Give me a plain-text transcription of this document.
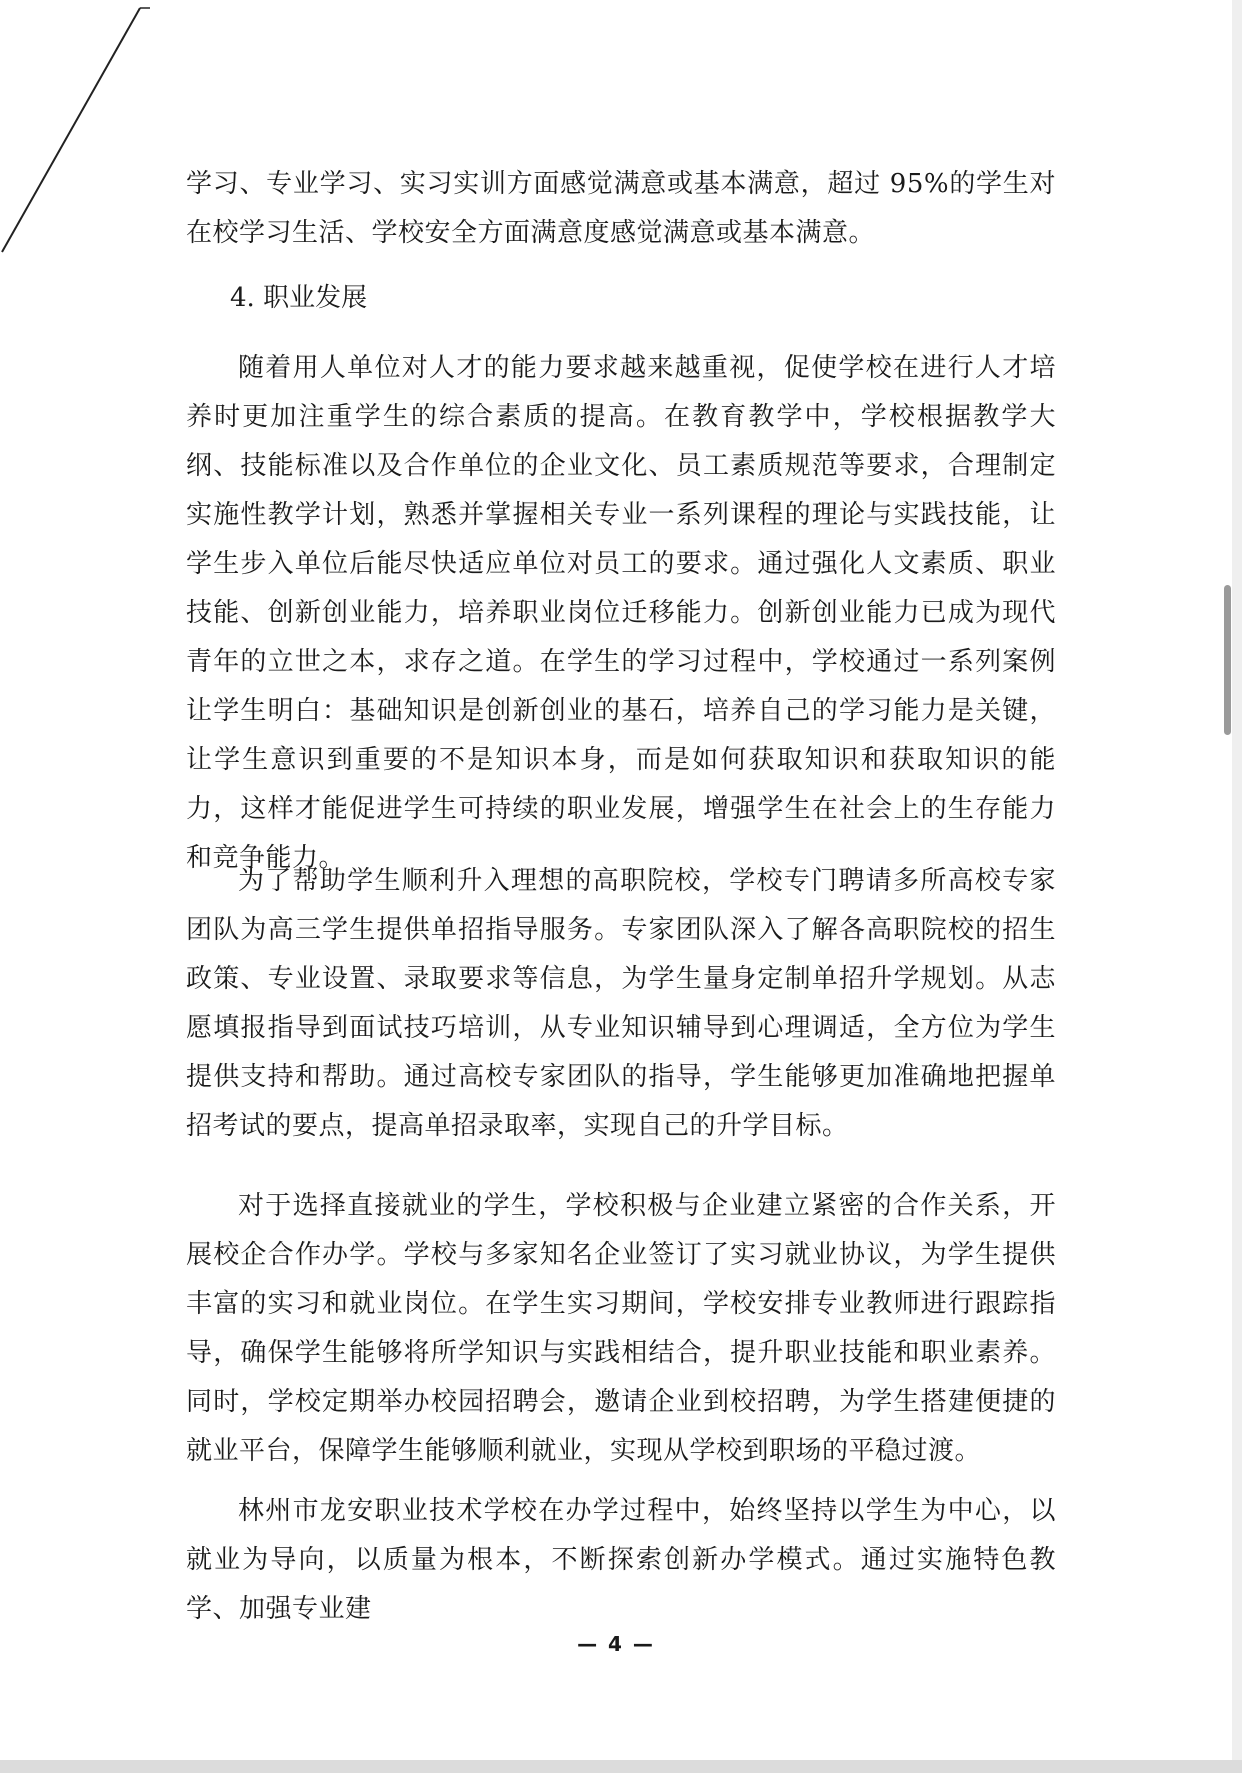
学习、专业学习、实习实训方面感觉满意或基本满意，超过 95%的学生对在校学习生活、学校安全方面满意度感觉满意或基本满意。

4. 职业发展

随着用人单位对人才的能力要求越来越重视，促使学校在进行人才培养时更加注重学生的综合素质的提高。在教育教学中，学校根据教学大纲、技能标准以及合作单位的企业文化、员工素质规范等要求，合理制定实施性教学计划，熟悉并掌握相关专业一系列课程的理论与实践技能，让学生步入单位后能尽快适应单位对员工的要求。通过强化人文素质、职业技能、创新创业能力，培养职业岗位迁移能力。创新创业能力已成为现代青年的立世之本，求存之道。在学生的学习过程中，学校通过一系列案例让学生明白：基础知识是创新创业的基石，培养自己的学习能力是关键，让学生意识到重要的不是知识本身，而是如何获取知识和获取知识的能力，这样才能促进学生可持续的职业发展，增强学生在社会上的生存能力和竞争能力。

为了帮助学生顺利升入理想的高职院校，学校专门聘请多所高校专家团队为高三学生提供单招指导服务。专家团队深入了解各高职院校的招生政策、专业设置、录取要求等信息，为学生量身定制单招升学规划。从志愿填报指导到面试技巧培训，从专业知识辅导到心理调适，全方位为学生提供支持和帮助。通过高校专家团队的指导，学生能够更加准确地把握单招考试的要点，提高单招录取率，实现自己的升学目标。

对于选择直接就业的学生，学校积极与企业建立紧密的合作关系，开展校企合作办学。学校与多家知名企业签订了实习就业协议，为学生提供丰富的实习和就业岗位。在学生实习期间，学校安排专业教师进行跟踪指导，确保学生能够将所学知识与实践相结合，提升职业技能和职业素养。同时，学校定期举办校园招聘会，邀请企业到校招聘，为学生搭建便捷的就业平台，保障学生能够顺利就业，实现从学校到职场的平稳过渡。

林州市龙安职业技术学校在办学过程中，始终坚持以学生为中心，以就业为导向，以质量为根本，不断探索创新办学模式。通过实施特色教学、加强专业建

— 4 —
